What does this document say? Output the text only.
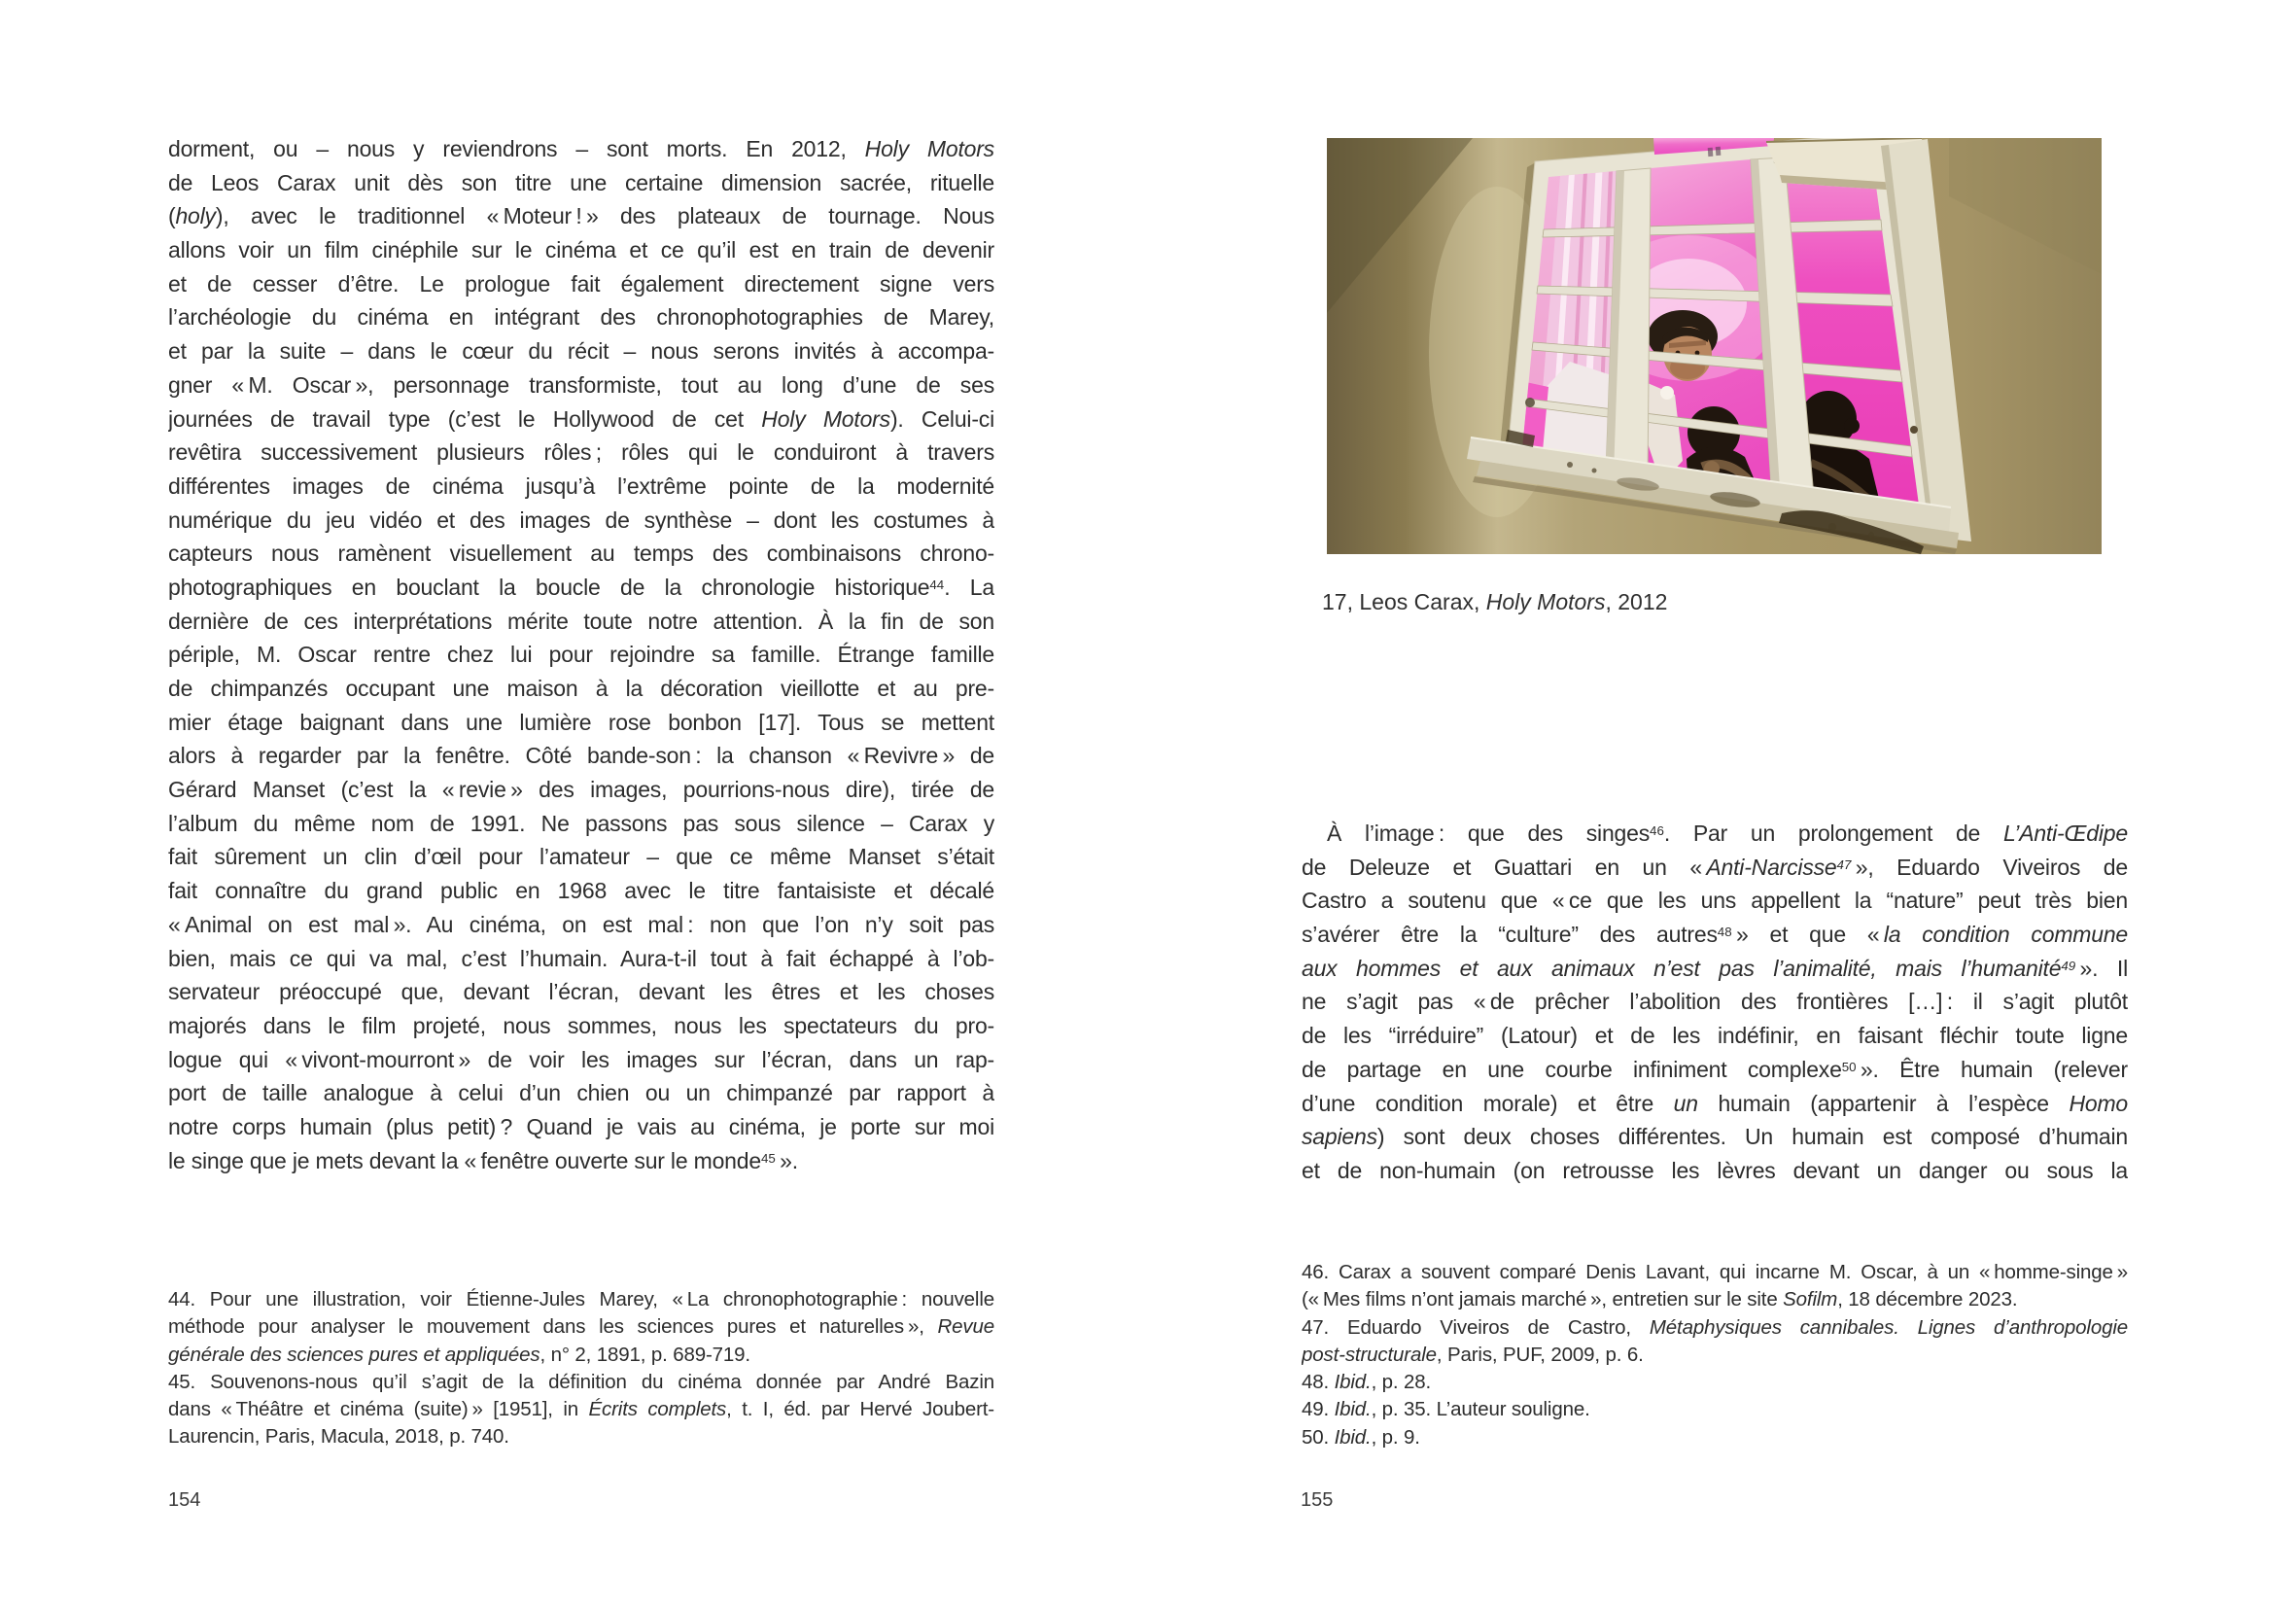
dorment, ou – nous y reviendrons – sont morts. En 2012, Holy Motors
de Leos Carax unit dès son titre une certaine dimension sacrée, rituelle
(holy), avec le traditionnel « Moteur ! » des plateaux de tournage. Nous
allons voir un film cinéphile sur le cinéma et ce qu’il est en train de devenir
et de cesser d’être. Le prologue fait également directement signe vers
l’archéologie du cinéma en intégrant des chronophotographies de Marey,
et par la suite – dans le cœur du récit – nous serons invités à accompa-
gner « M. Oscar », personnage transformiste, tout au long d’une de ses
journées de travail type (c’est le Hollywood de cet Holy Motors). Celui-ci
revêtira successivement plusieurs rôles ; rôles qui le conduiront à travers
différentes images de cinéma jusqu’à l’extrême pointe de la modernité
numérique du jeu vidéo et des images de synthèse – dont les costumes à
capteurs nous ramènent visuellement au temps des combinaisons chrono-
photographiques en bouclant la boucle de la chronologie historique$^{44}$. La
dernière de ces interprétations mérite toute notre attention. À la fin de son
périple, M. Oscar rentre chez lui pour rejoindre sa famille. Étrange famille
de chimpanzés occupant une maison à la décoration vieillotte et au pre-
mier étage baignant dans une lumière rose bonbon [17]. Tous se mettent
alors à regarder par la fenêtre. Côté bande-son : la chanson « Revivre » de
Gérard Manset (c’est la « revie » des images, pourrions-nous dire), tirée de
l’album du même nom de 1991. Ne passons pas sous silence – Carax y
fait sûrement un clin d’œil pour l’amateur – que ce même Manset s’était
fait connaître du grand public en 1968 avec le titre fantaisiste et décalé
« Animal on est mal ». Au cinéma, on est mal : non que l’on n’y soit pas
bien, mais ce qui va mal, c’est l’humain. Aura-t-il tout à fait échappé à l’ob-
servateur préoccupé que, devant l’écran, devant les êtres et les choses
majorés dans le film projeté, nous sommes, nous les spectateurs du pro-
logue qui « vivont-mourront » de voir les images sur l’écran, dans un rap-
port de taille analogue à celui d’un chien ou un chimpanzé par rapport à
notre corps humain (plus petit) ? Quand je vais au cinéma, je porte sur moi
le singe que je mets devant la « fenêtre ouverte sur le monde$^{45}$ ».
44. Pour une illustration, voir Étienne-Jules Marey, « La chronophotographie : nouvelle
méthode pour analyser le mouvement dans les sciences pures et naturelles », Revue
générale des sciences pures et appliquées, n° 2, 1891, p. 689-719.
45. Souvenons-nous qu’il s’agit de la définition du cinéma donnée par André Bazin
dans « Théâtre et cinéma (suite) » [1951], in Écrits complets, t. I, éd. par Hervé Joubert-
Laurencin, Paris, Macula, 2018, p. 740.
154
17, Leos Carax, Holy Motors, 2012
À l’image : que des singes$^{46}$. Par un prolongement de L’Anti-Œdipe
de Deleuze et Guattari en un « Anti-Narcisse$^{47}$ », Eduardo Viveiros de
Castro a soutenu que « ce que les uns appellent la “nature” peut très bien
s’avérer être la “culture” des autres$^{48}$ » et que « la condition commune
aux hommes et aux animaux n’est pas l’animalité, mais l’humanité$^{49}$ ». Il
ne s’agit pas « de prêcher l’abolition des frontières […] : il s’agit plutôt
de les “irréduire” (Latour) et de les indéfinir, en faisant fléchir toute ligne
de partage en une courbe infiniment complexe$^{50}$ ». Être humain (relever
d’une condition morale) et être un humain (appartenir à l’espèce Homo
sapiens) sont deux choses différentes. Un humain est composé d’humain
et de non-humain (on retrousse les lèvres devant un danger ou sous la
46. Carax a souvent comparé Denis Lavant, qui incarne M. Oscar, à un « homme-singe »
(« Mes films n’ont jamais marché », entretien sur le site Sofilm, 18 décembre 2023.
47. Eduardo Viveiros de Castro, Métaphysiques cannibales. Lignes d’anthropologie
post-structurale, Paris, PUF, 2009, p. 6.
48. Ibid., p. 28.
49. Ibid., p. 35. L’auteur souligne.
50. Ibid., p. 9.
155
